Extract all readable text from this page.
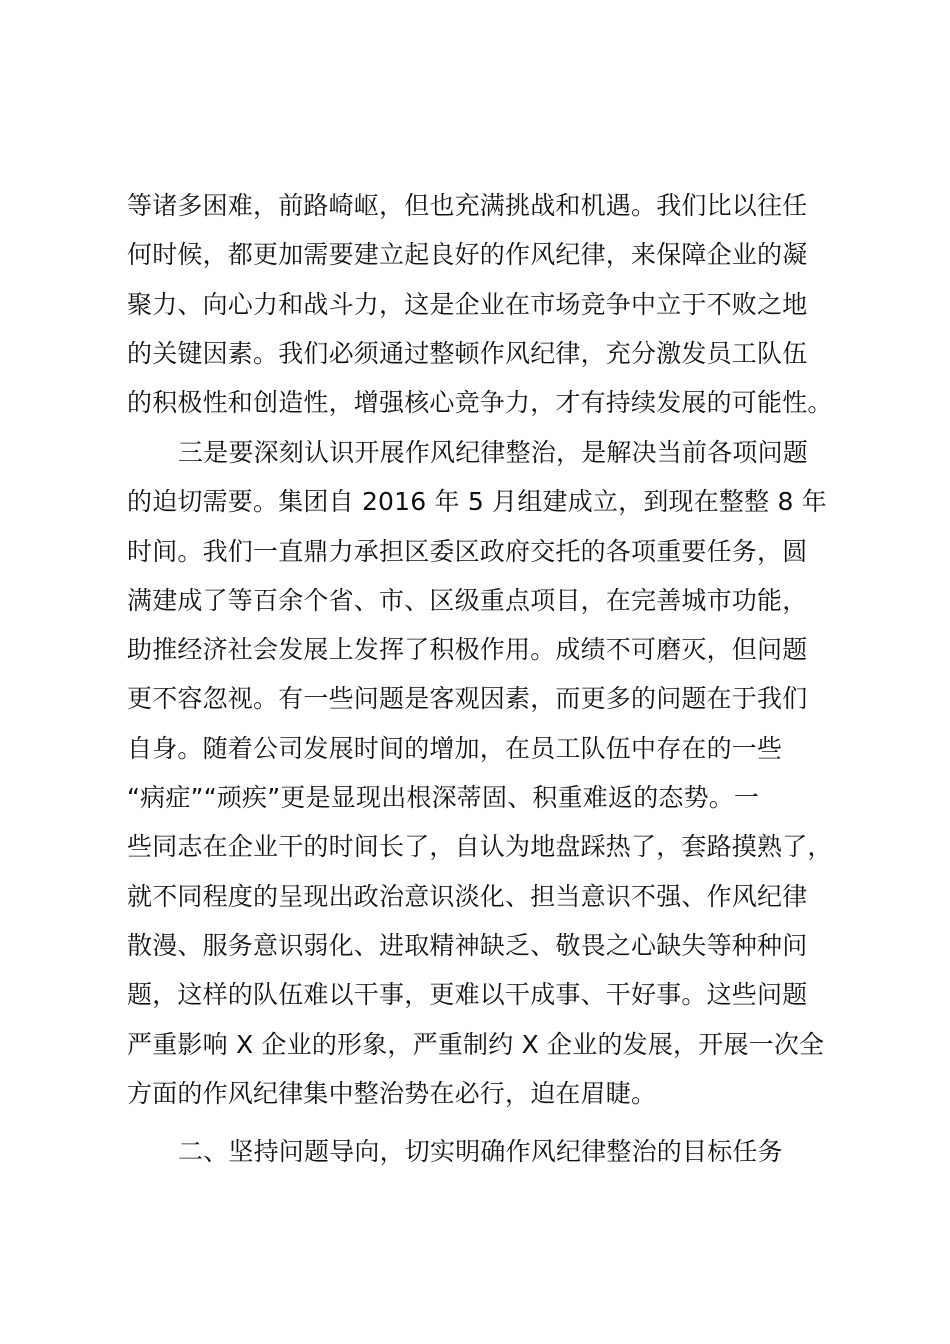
等诸多困难，前路崎岖，但也充满挑战和机遇。我们比以往任
何时候，都更加需要建立起良好的作风纪律，来保障企业的凝
聚力、向心力和战斗力，这是企业在市场竞争中立于不败之地
的关键因素。我们必须通过整顿作风纪律，充分激发员工队伍
的积极性和创造性，增强核心竞争力，才有持续发展的可能性。
三是要深刻认识开展作风纪律整治，是解决当前各项问题
的迫切需要。集团自 2016 年 5 月组建成立，到现在整整 8 年
时间。我们一直鼎力承担区委区政府交托的各项重要任务，圆
满建成了等百余个省、市、区级重点项目，在完善城市功能，
助推经济社会发展上发挥了积极作用。成绩不可磨灭，但问题
更不容忽视。有一些问题是客观因素，而更多的问题在于我们
自身。随着公司发展时间的增加，在员工队伍中存在的一些
“病症”“顽疾”更是显现出根深蒂固、积重难返的态势。一
些同志在企业干的时间长了，自认为地盘踩热了，套路摸熟了，
就不同程度的呈现出政治意识淡化、担当意识不强、作风纪律
散漫、服务意识弱化、进取精神缺乏、敬畏之心缺失等种种问
题，这样的队伍难以干事，更难以干成事、干好事。这些问题
严重影响 X 企业的形象，严重制约 X 企业的发展，开展一次全
方面的作风纪律集中整治势在必行，迫在眉睫。
二、坚持问题导向，切实明确作风纪律整治的目标任务
